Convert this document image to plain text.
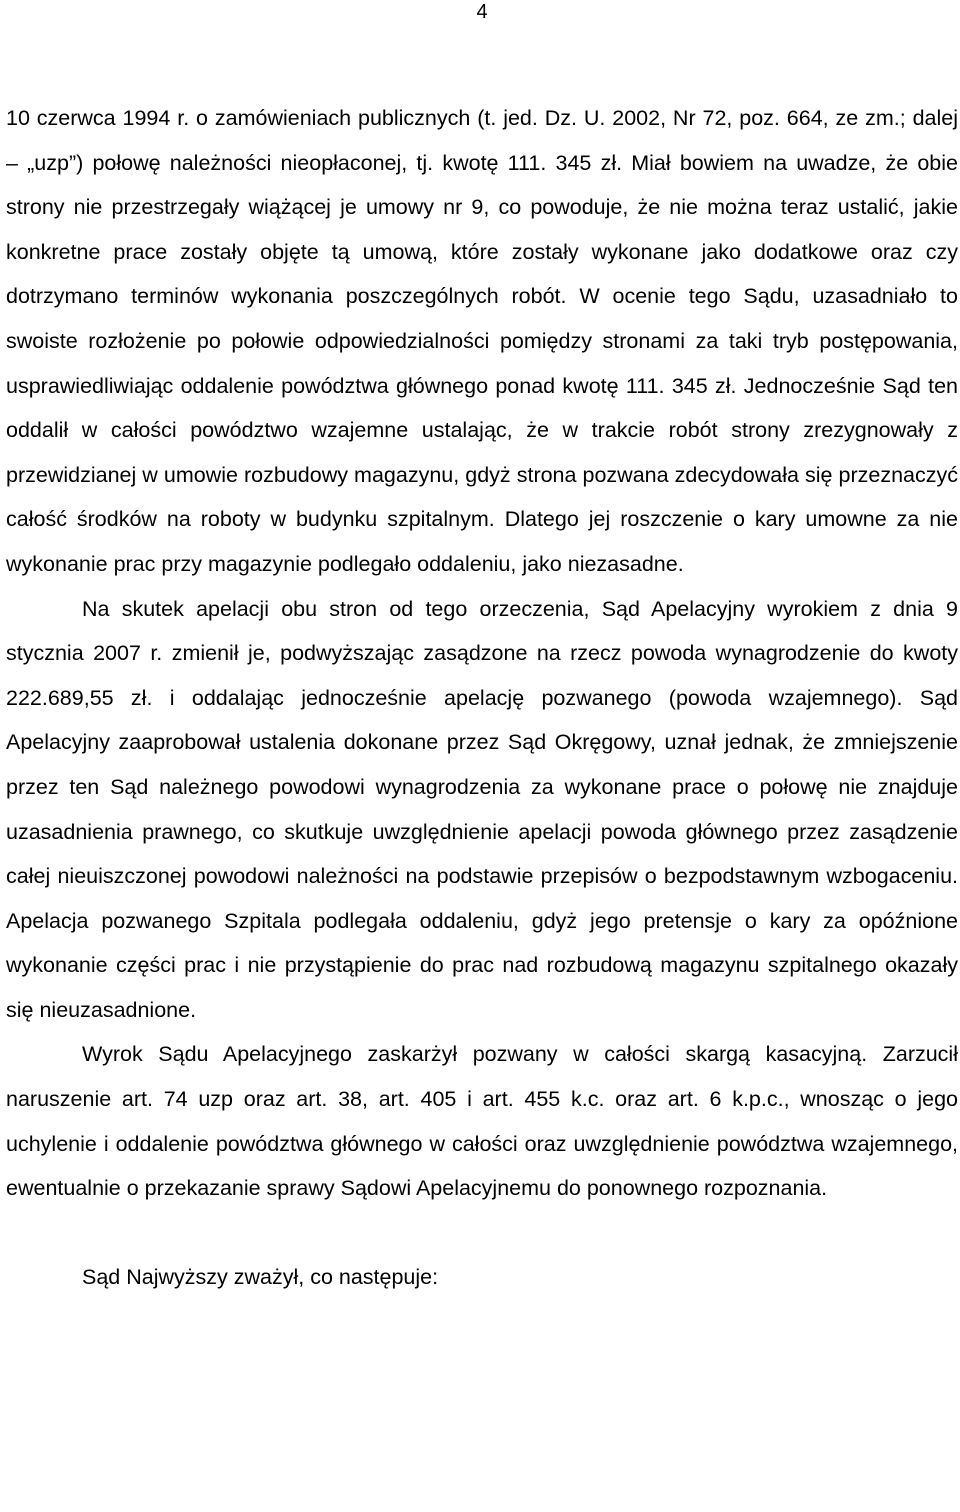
4

10 czerwca 1994 r. o zamówieniach publicznych (t. jed. Dz. U. 2002, Nr 72, poz. 664, ze zm.; dalej – „uzp”) połowę należności nieopłaconej, tj. kwotę 111. 345 zł. Miał bowiem na uwadze, że obie strony nie przestrzegały wiążącej je umowy nr 9, co powoduje, że nie można teraz ustalić, jakie konkretne prace zostały objęte tą umową, które zostały wykonane jako dodatkowe oraz czy dotrzymano terminów wykonania poszczególnych robót. W ocenie tego Sądu, uzasadniało to swoiste rozłożenie po połowie odpowiedzialności pomiędzy stronami za taki tryb postępowania, usprawiedliwiając oddalenie powództwa głównego ponad kwotę 111. 345 zł. Jednocześnie Sąd ten oddalił w całości powództwo wzajemne ustalając, że w trakcie robót strony zrezygnowały z przewidzianej w umowie rozbudowy magazynu, gdyż strona pozwana zdecydowała się przeznaczyć całość środków na roboty w budynku szpitalnym. Dlatego jej roszczenie o kary umowne za nie wykonanie prac przy magazynie podlegało oddaleniu, jako niezasadne.

Na skutek apelacji obu stron od tego orzeczenia, Sąd Apelacyjny wyrokiem z dnia 9 stycznia 2007 r. zmienił je, podwyższając zasądzone na rzecz powoda wynagrodzenie do kwoty 222.689,55 zł. i oddalając jednocześnie apelację pozwanego (powoda wzajemnego). Sąd Apelacyjny zaaprobował ustalenia dokonane przez Sąd Okręgowy, uznał jednak, że zmniejszenie przez ten Sąd należnego powodowi wynagrodzenia za wykonane prace o połowę nie znajduje uzasadnienia prawnego, co skutkuje uwzględnienie apelacji powoda głównego przez zasądzenie całej nieuiszczonej powodowi należności na podstawie przepisów o bezpodstawnym wzbogaceniu. Apelacja pozwanego Szpitala podlegała oddaleniu, gdyż jego pretensje o kary za opóźnione wykonanie części prac i nie przystąpienie do prac nad rozbudową magazynu szpitalnego okazały się nieuzasadnione.

Wyrok Sądu Apelacyjnego zaskarżył pozwany w całości skargą kasacyjną. Zarzucił naruszenie art. 74 uzp oraz art. 38, art. 405 i art. 455 k.c. oraz art. 6 k.p.c., wnosząc o jego uchylenie i oddalenie powództwa głównego w całości oraz uwzględnienie powództwa wzajemnego, ewentualnie o przekazanie sprawy Sądowi Apelacyjnemu do ponownego rozpoznania.

Sąd Najwyższy zważył, co następuje:
